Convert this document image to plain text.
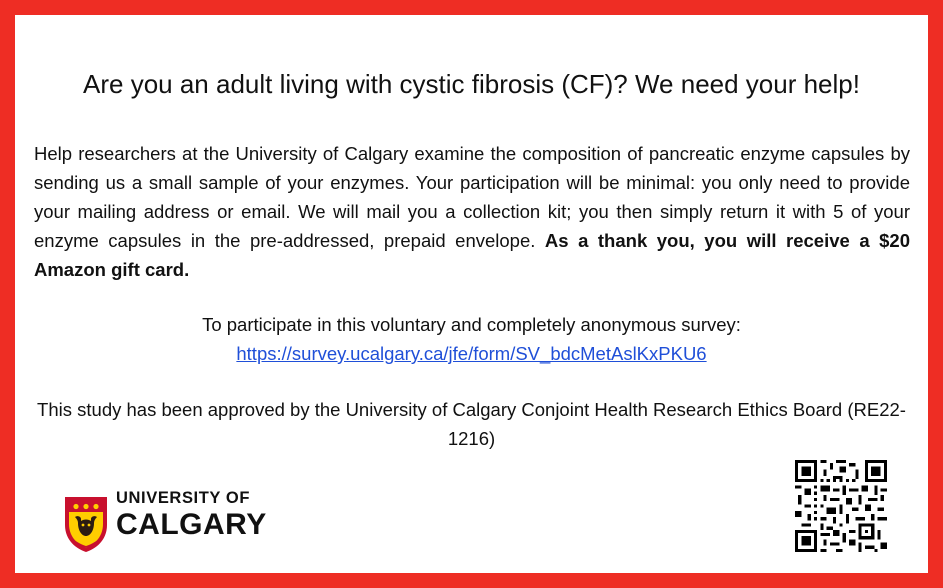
Are you an adult living with cystic fibrosis (CF)? We need your help!
Help researchers at the University of Calgary examine the composition of pancreatic enzyme capsules by sending us a small sample of your enzymes. Your participation will be minimal: you only need to provide your mailing address or email. We will mail you a collection kit; you then simply return it with 5 of your enzyme capsules in the pre-addressed, prepaid envelope. As a thank you, you will receive a $20 Amazon gift card.
To participate in this voluntary and completely anonymous survey:
https://survey.ucalgary.ca/jfe/form/SV_bdcMetAslKxPKU6
This study has been approved by the University of Calgary Conjoint Health Research Ethics Board (RE22-1216)
UNIVERSITY OF
CALGARY
